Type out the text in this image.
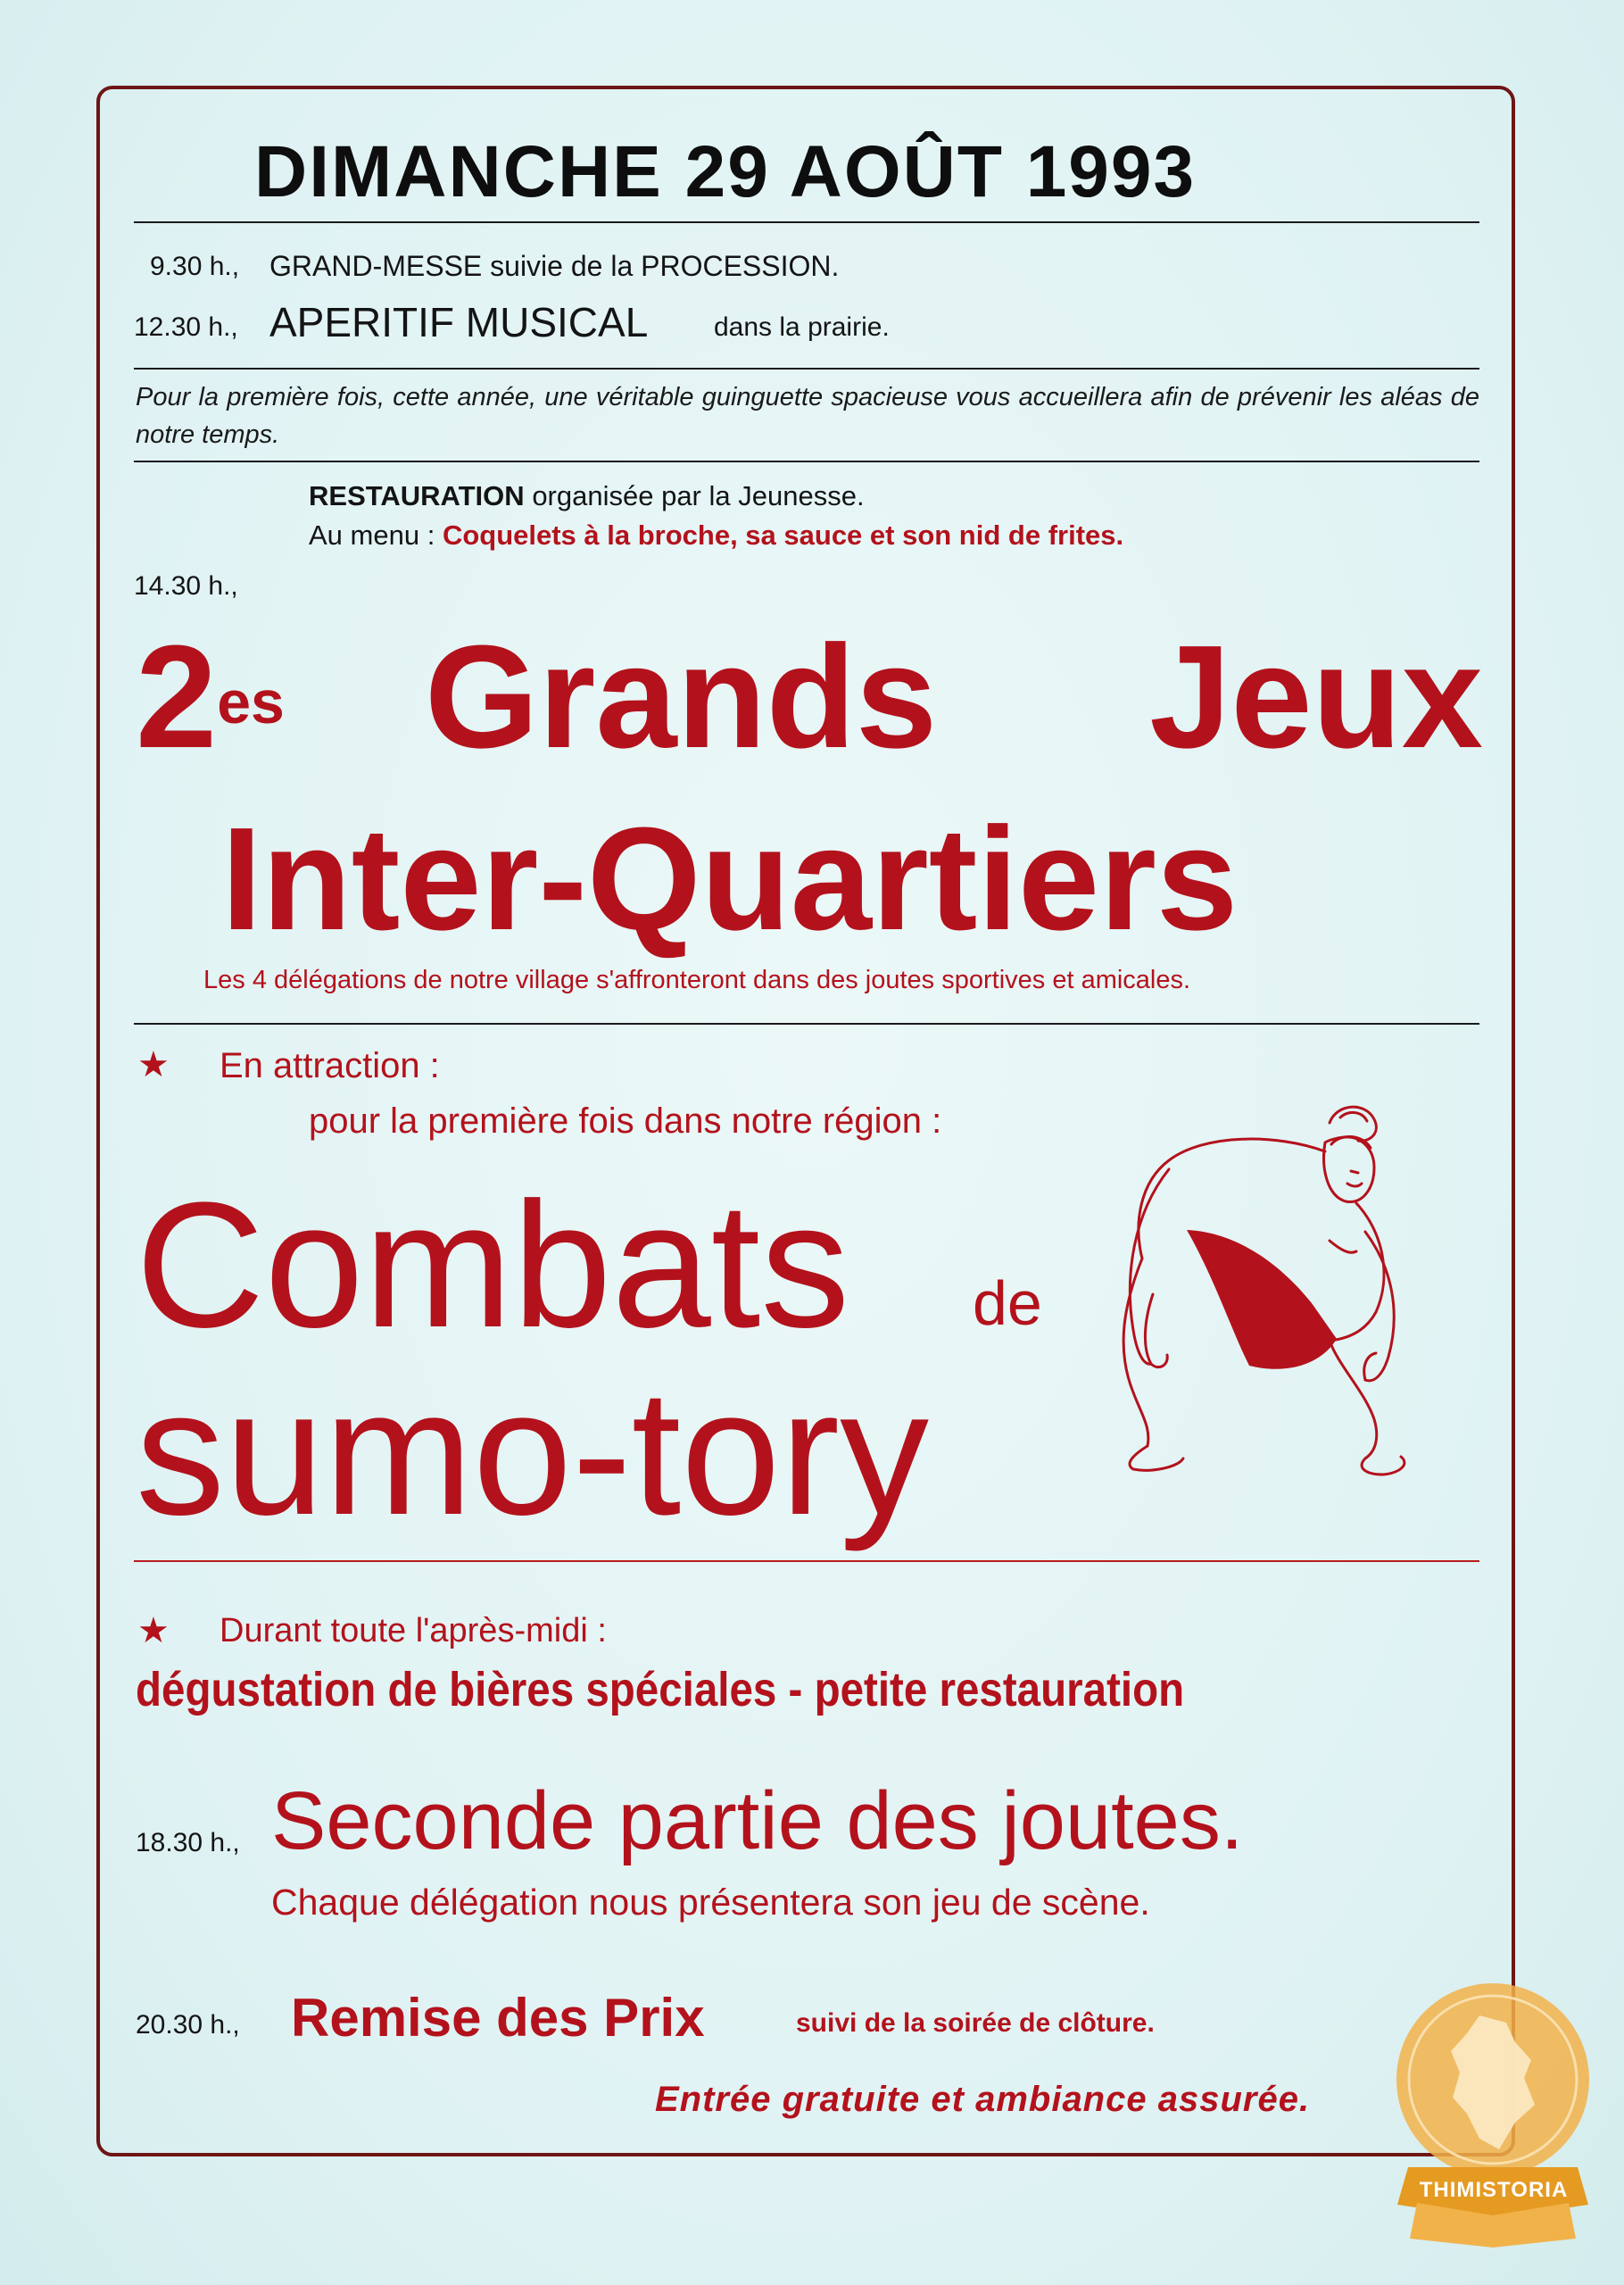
DIMANCHE 29 AOÛT 1993
9.30 h., GRAND-MESSE suivie de la PROCESSION.
12.30 h., APERITIF MUSICAL dans la prairie.
Pour la première fois, cette année, une véritable guinguette spacieuse vous accueillera afin de prévenir les aléas de notre temps.
RESTAURATION organisée par la Jeunesse.
Au menu : Coquelets à la broche, sa sauce et son nid de frites.
14.30 h.,
$2^{es}$ Grands Jeux
Inter-Quartiers
Les 4 délégations de notre village s'affronteront dans des joutes sportives et amicales.
★ En attraction :
pour la première fois dans notre région :
Combats de
sumo-tory
★ Durant toute l'après-midi :
dégustation de bières spéciales - petite restauration
18.30 h., Seconde partie des joutes.
Chaque délégation nous présentera son jeu de scène.
20.30 h., Remise des Prix	suivi de la soirée de clôture.
Entrée gratuite et ambiance assurée.
THIMISTORIA
